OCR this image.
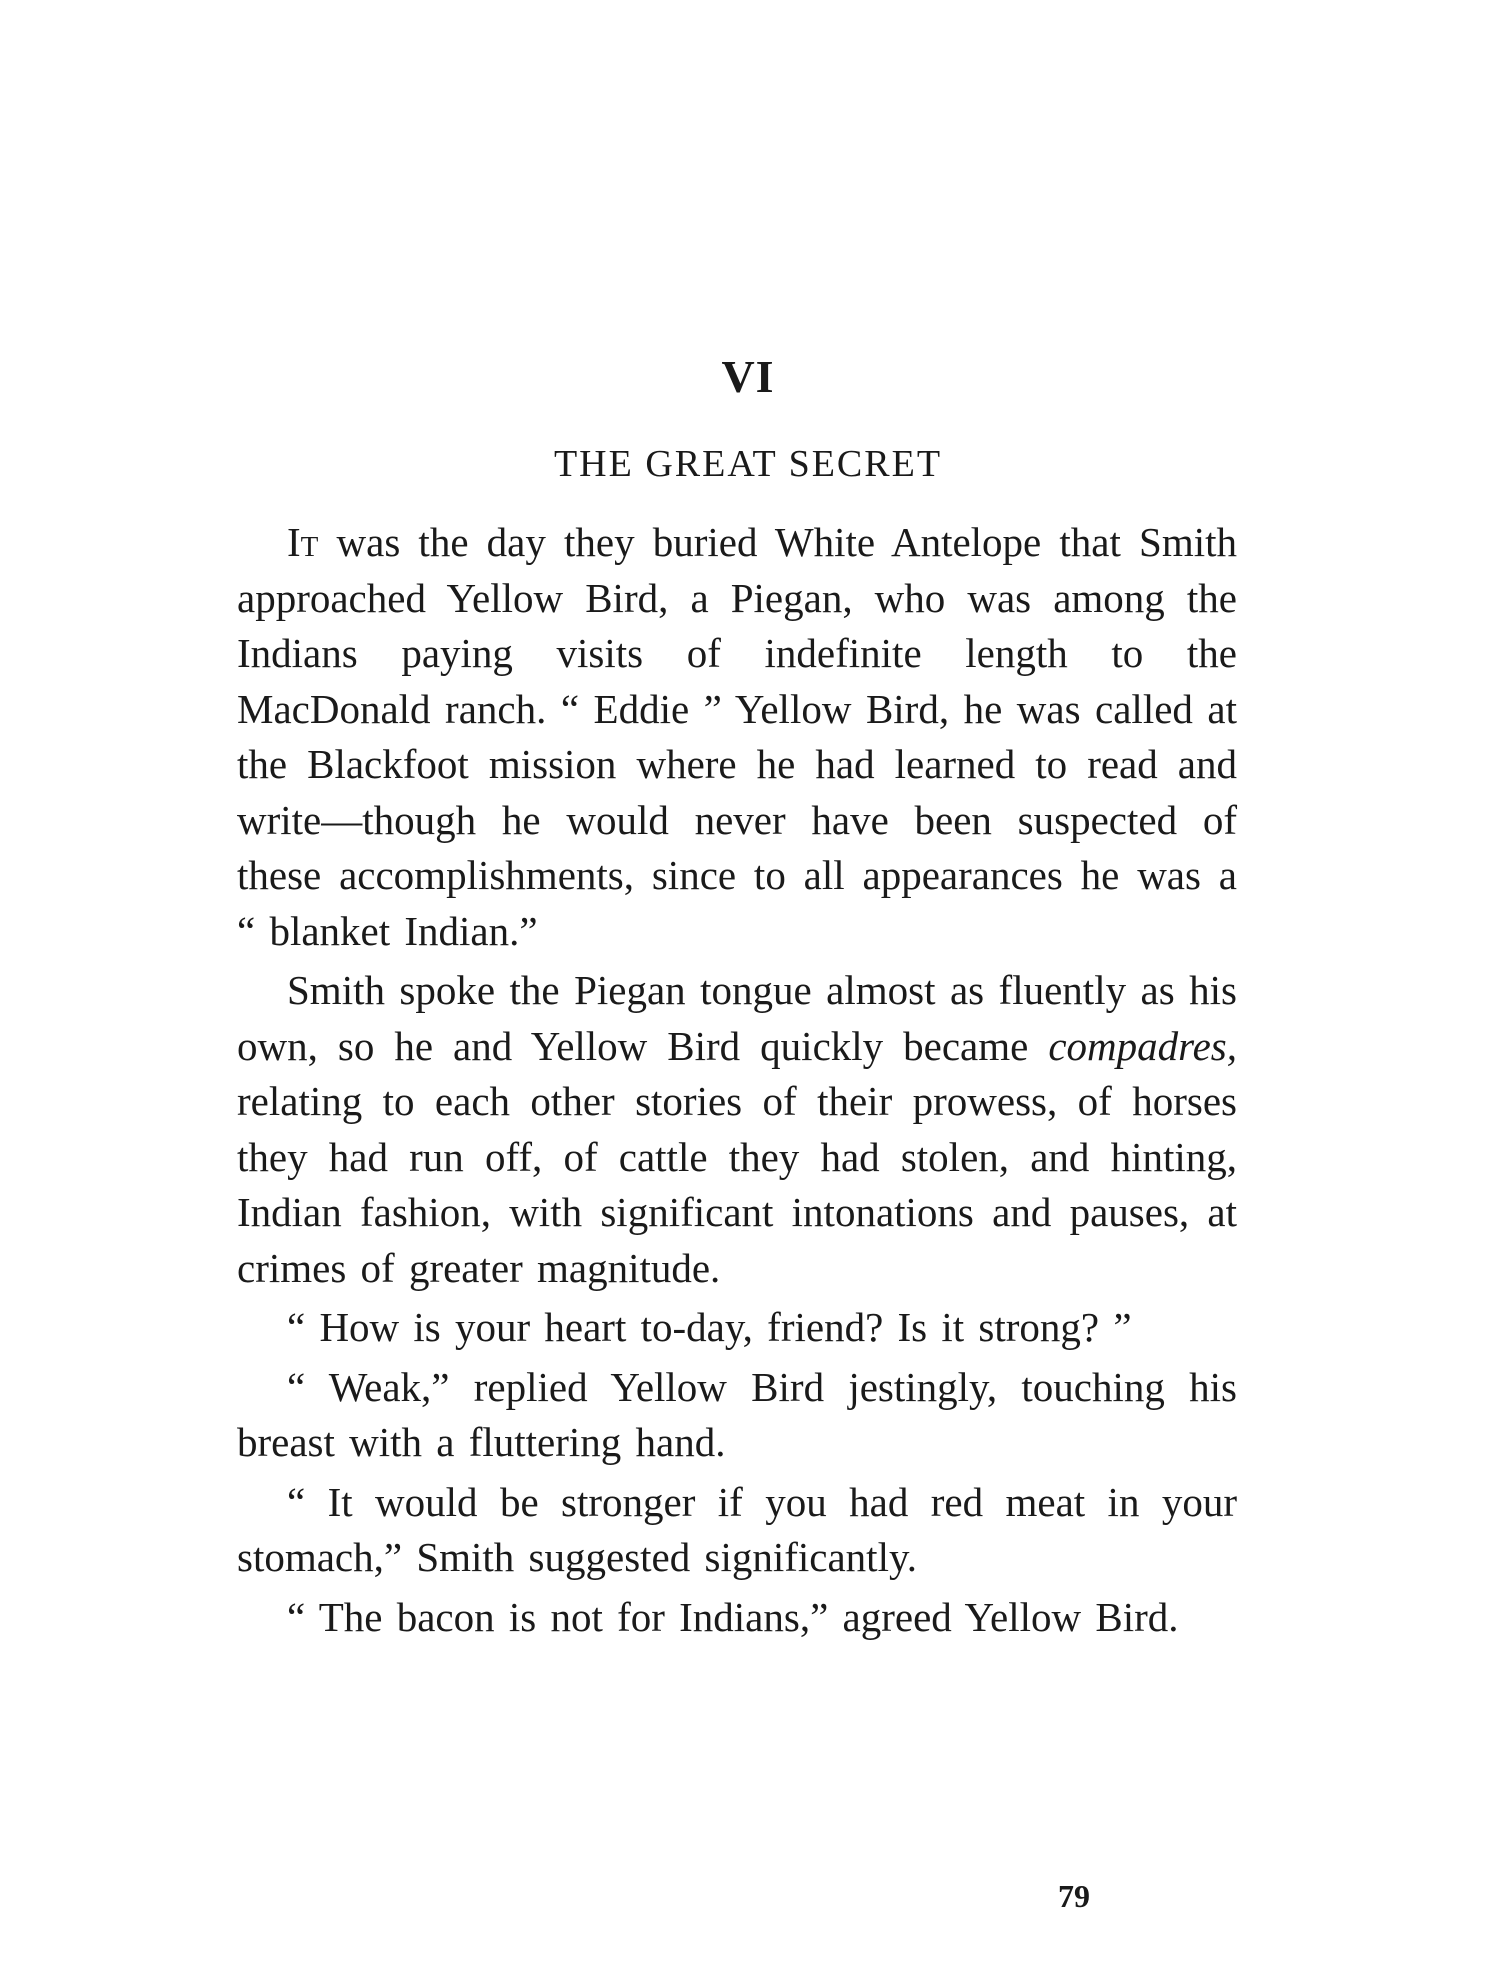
VI
THE GREAT SECRET

It was the day they buried White Antelope that Smith approached Yellow Bird, a Piegan, who was among the Indians paying visits of indefinite length to the MacDonald ranch. “ Eddie ” Yellow Bird, he was called at the Blackfoot mission where he had learned to read and write—though he would never have been suspected of these accomplishments, since to all appearances he was a “ blanket Indian.”

Smith spoke the Piegan tongue almost as fluently as his own, so he and Yellow Bird quickly became compadres, relating to each other stories of their prowess, of horses they had run off, of cattle they had stolen, and hinting, Indian fashion, with significant intonations and pauses, at crimes of greater magnitude.

“ How is your heart to-day, friend? Is it strong? ”

“ Weak,” replied Yellow Bird jestingly, touching his breast with a fluttering hand.

“ It would be stronger if you had red meat in your stomach,” Smith suggested significantly.

“ The bacon is not for Indians,” agreed Yellow Bird.

79
